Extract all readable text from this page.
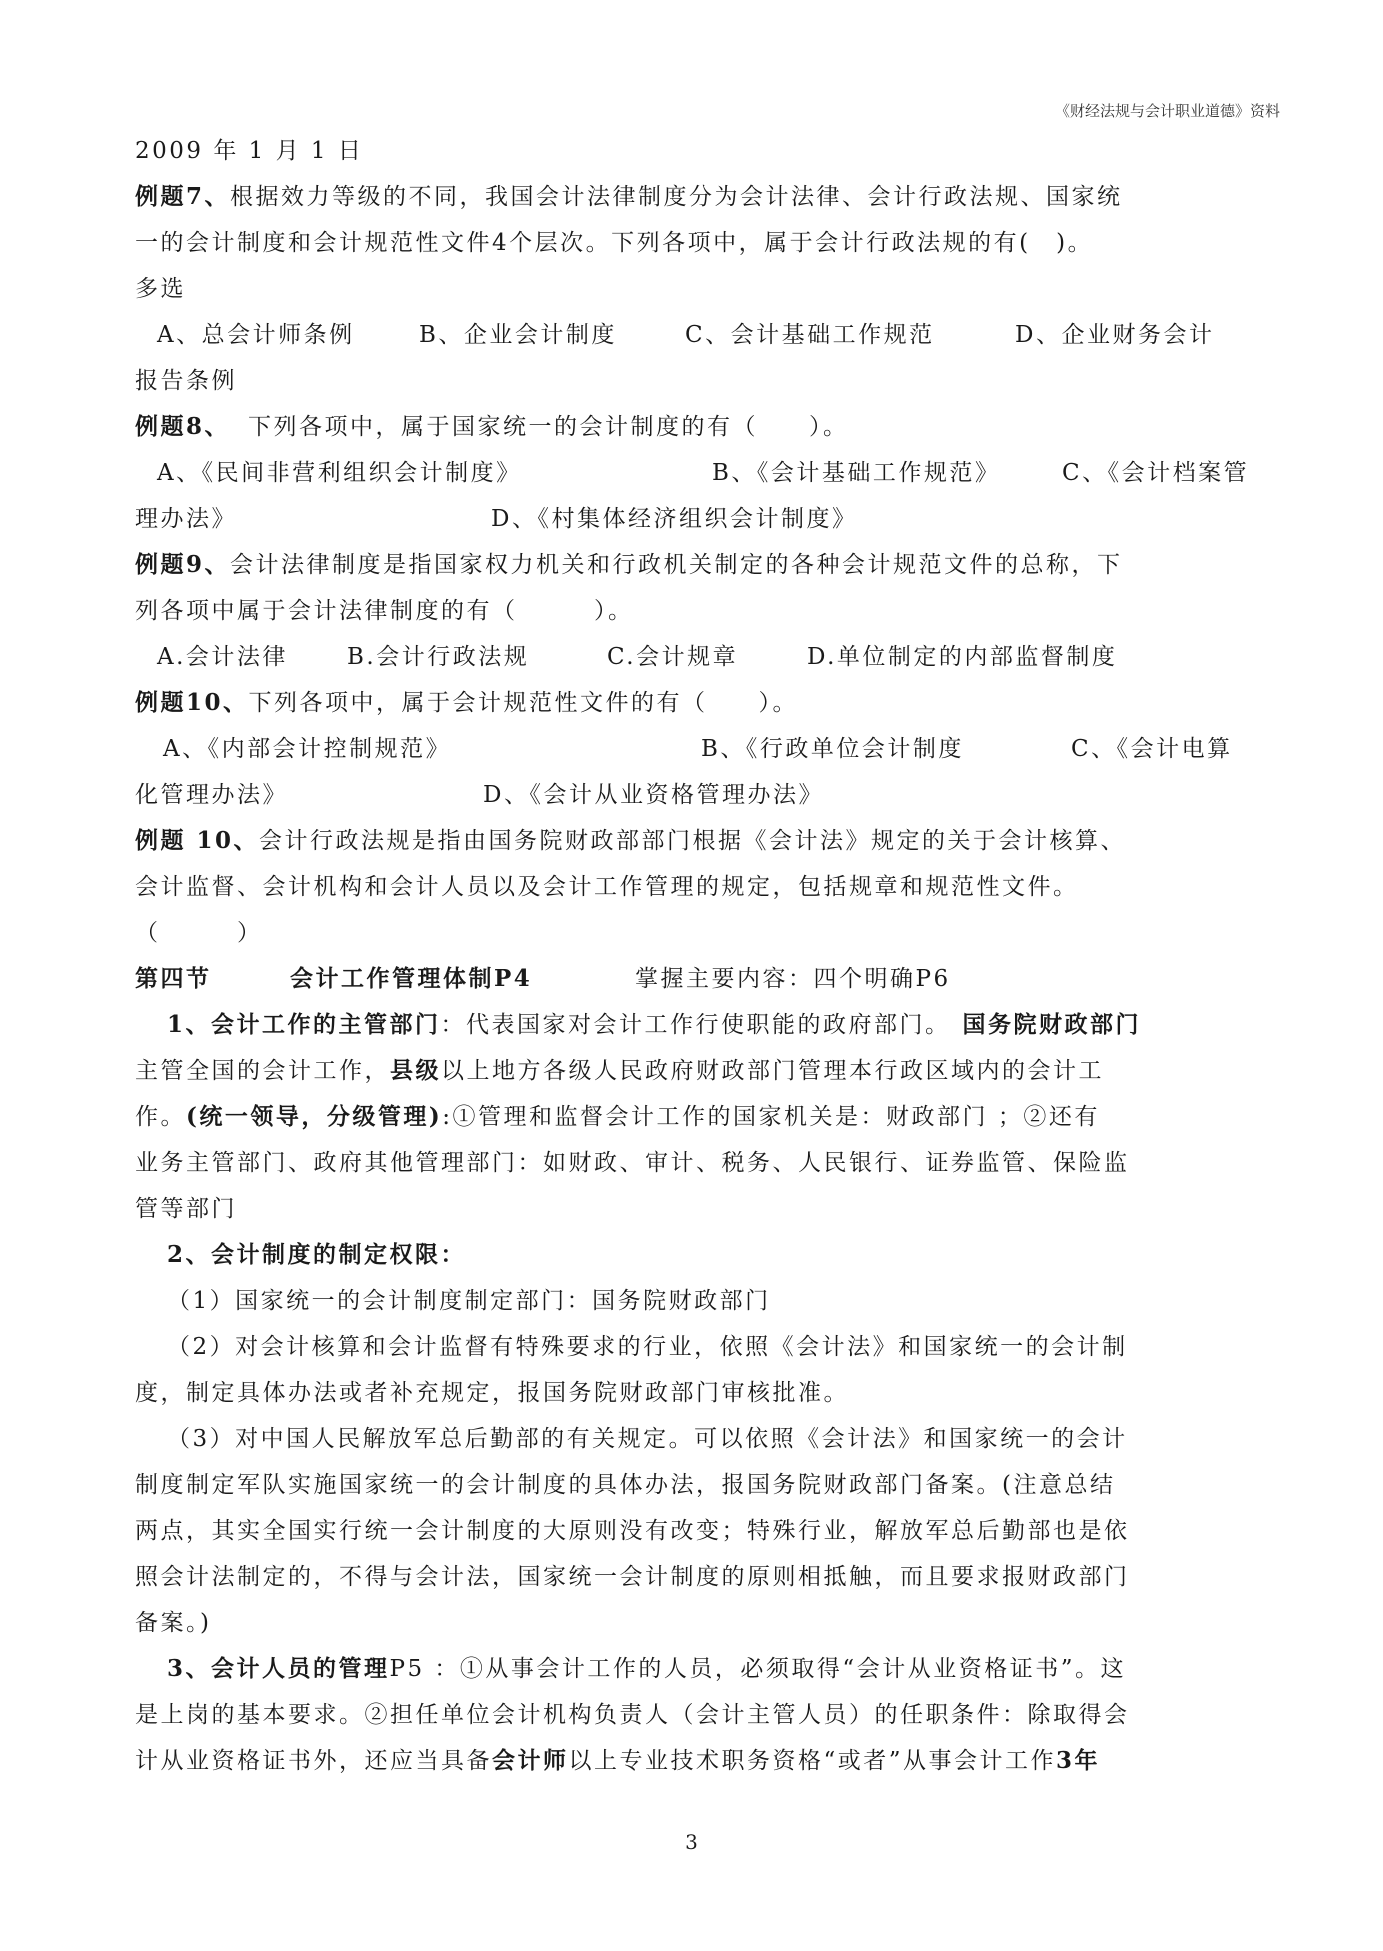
《财经法规与会计职业道德》资料
2009 年 1 月 1 日
例题7、根据效力等级的不同，我国会计法律制度分为会计法律、会计行政法规、国家统
一的会计制度和会计规范性文件4个层次。下列各项中，属于会计行政法规的有(　)。
多选
A、总会计师条例	B、企业会计制度	C、会计基础工作规范	D、企业财务会计
报告条例
例题8、 下列各项中，属于国家统一的会计制度的有（　　）。
A、《民间非营利组织会计制度》	B、《会计基础工作规范》	C、《会计档案管
理办法》	D、《村集体经济组织会计制度》
例题9、会计法律制度是指国家权力机关和行政机关制定的各种会计规范文件的总称，下
列各项中属于会计法律制度的有（　　　）。
A.会计法律	B.会计行政法规	C.会计规章	D.单位制定的内部监督制度
例题10、下列各项中，属于会计规范性文件的有（　　）。
A、《内部会计控制规范》	B、《行政单位会计制度	C、《会计电算
化管理办法》	D、《会计从业资格管理办法》
例题 10、会计行政法规是指由国务院财政部部门根据《会计法》规定的关于会计核算、
会计监督、会计机构和会计人员以及会计工作管理的规定，包括规章和规范性文件。
（　　　）
第四节	会计工作管理体制P4	掌握主要内容：四个明确P6
1、会计工作的主管部门：代表国家对会计工作行使职能的政府部门。 国务院财政部门
主管全国的会计工作，县级以上地方各级人民政府财政部门管理本行政区域内的会计工
作。(统一领导，分级管理):①管理和监督会计工作的国家机关是：财政部门 ；②还有
业务主管部门、政府其他管理部门：如财政、审计、税务、人民银行、证券监管、保险监
管等部门
2、会计制度的制定权限：
（1）国家统一的会计制度制定部门：国务院财政部门
（2）对会计核算和会计监督有特殊要求的行业，依照《会计法》和国家统一的会计制
度，制定具体办法或者补充规定，报国务院财政部门审核批准。
（3）对中国人民解放军总后勤部的有关规定。可以依照《会计法》和国家统一的会计
制度制定军队实施国家统一的会计制度的具体办法，报国务院财政部门备案。(注意总结
两点，其实全国实行统一会计制度的大原则没有改变；特殊行业，解放军总后勤部也是依
照会计法制定的，不得与会计法，国家统一会计制度的原则相抵触，而且要求报财政部门
备案。)
3、会计人员的管理P5 ：①从事会计工作的人员，必须取得“会计从业资格证书”。这
是上岗的基本要求。②担任单位会计机构负责人（会计主管人员）的任职条件：除取得会
计从业资格证书外，还应当具备会计师以上专业技术职务资格“或者”从事会计工作3年
3
